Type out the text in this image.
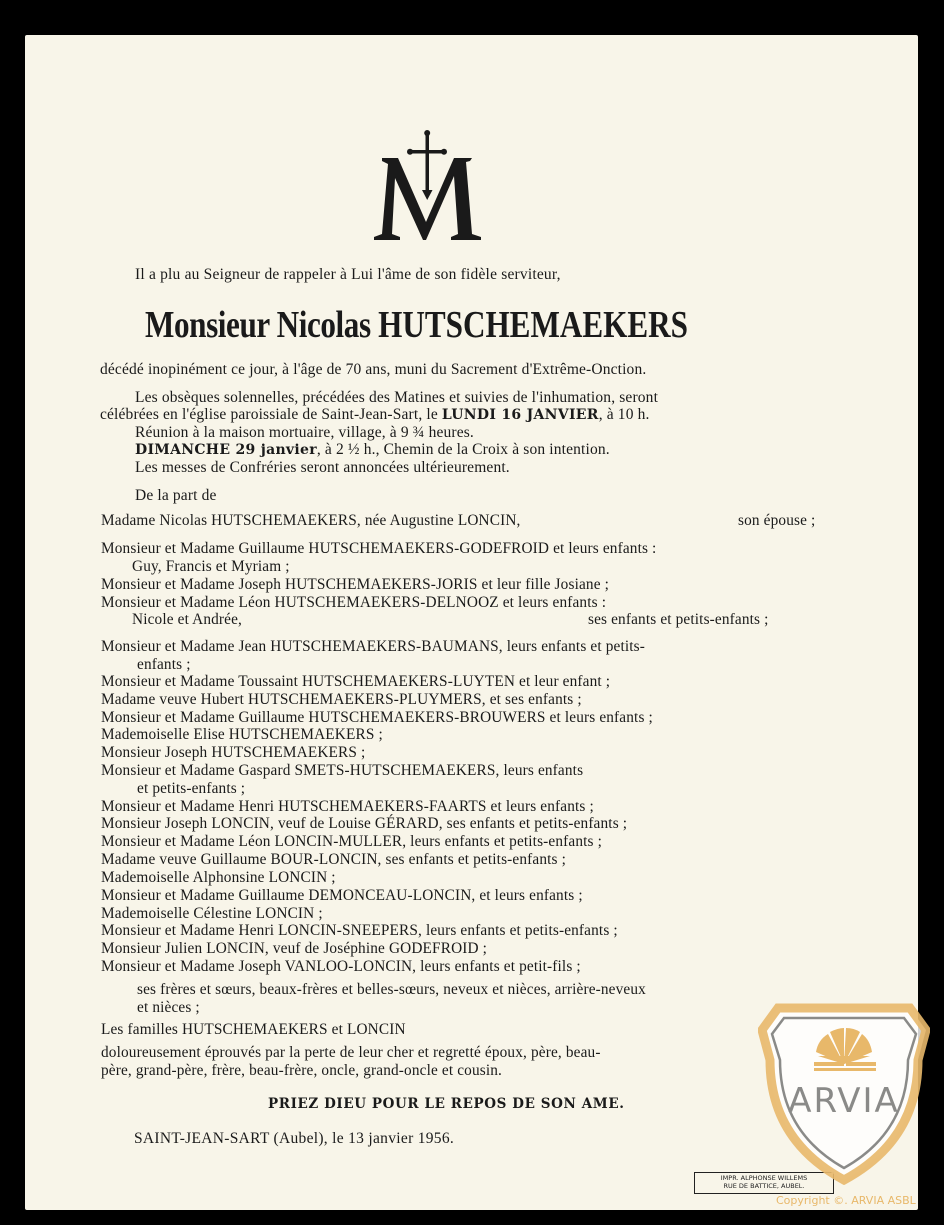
Il a plu au Seigneur de rappeler à Lui l'âme de son fidèle serviteur,
Monsieur Nicolas HUTSCHEMAEKERS
décédé inopinément ce jour, à l'âge de 70 ans, muni du Sacrement d'Extrême-Onction.
Les obsèques solennelles, précédées des Matines et suivies de l'inhumation, seront
célébrées en l'église paroissiale de Saint-Jean-Sart, le LUNDI 16 JANVIER, à 10 h.
Réunion à la maison mortuaire, village, à 9 ¾ heures.
DIMANCHE 29 janvier, à 2 ½ h., Chemin de la Croix à son intention.
Les messes de Confréries seront annoncées ultérieurement.
De la part de
Madame Nicolas HUTSCHEMAEKERS, née Augustine LONCIN,	son épouse ;
Monsieur et Madame Guillaume HUTSCHEMAEKERS-GODEFROID et leurs enfants :
Guy, Francis et Myriam ;
Monsieur et Madame Joseph HUTSCHEMAEKERS-JORIS et leur fille Josiane ;
Monsieur et Madame Léon HUTSCHEMAEKERS-DELNOOZ et leurs enfants :
Nicole et Andrée,	ses enfants et petits-enfants ;
Monsieur et Madame Jean HUTSCHEMAEKERS-BAUMANS, leurs enfants et petits-
enfants ;
Monsieur et Madame Toussaint HUTSCHEMAEKERS-LUYTEN et leur enfant ;
Madame veuve Hubert HUTSCHEMAEKERS-PLUYMERS, et ses enfants ;
Monsieur et Madame Guillaume HUTSCHEMAEKERS-BROUWERS et leurs enfants ;
Mademoiselle Elise HUTSCHEMAEKERS ;
Monsieur Joseph HUTSCHEMAEKERS ;
Monsieur et Madame Gaspard SMETS-HUTSCHEMAEKERS, leurs enfants
et petits-enfants ;
Monsieur et Madame Henri HUTSCHEMAEKERS-FAARTS et leurs enfants ;
Monsieur Joseph LONCIN, veuf de Louise GÉRARD, ses enfants et petits-enfants ;
Monsieur et Madame Léon LONCIN-MULLER, leurs enfants et petits-enfants ;
Madame veuve Guillaume BOUR-LONCIN, ses enfants et petits-enfants ;
Mademoiselle Alphonsine LONCIN ;
Monsieur et Madame Guillaume DEMONCEAU-LONCIN, et leurs enfants ;
Mademoiselle Célestine LONCIN ;
Monsieur et Madame Henri LONCIN-SNEEPERS, leurs enfants et petits-enfants ;
Monsieur Julien LONCIN, veuf de Joséphine GODEFROID ;
Monsieur et Madame Joseph VANLOO-LONCIN, leurs enfants et petit-fils ;
ses frères et sœurs, beaux-frères et belles-sœurs, neveux et nièces, arrière-neveux
et nièces ;
Les familles HUTSCHEMAEKERS et LONCIN
doloureusement éprouvés par la perte de leur cher et regretté époux, père, beau-
père, grand-père, frère, beau-frère, oncle, grand-oncle et cousin.
PRIEZ DIEU POUR LE REPOS DE SON AME.
SAINT-JEAN-SART (Aubel), le 13 janvier 1956.
IMPR. ALPHONSE WILLEMS
RUE DE BATTICE, AUBEL.
ARVIA
Copyright ©. ARVIA ASBL
